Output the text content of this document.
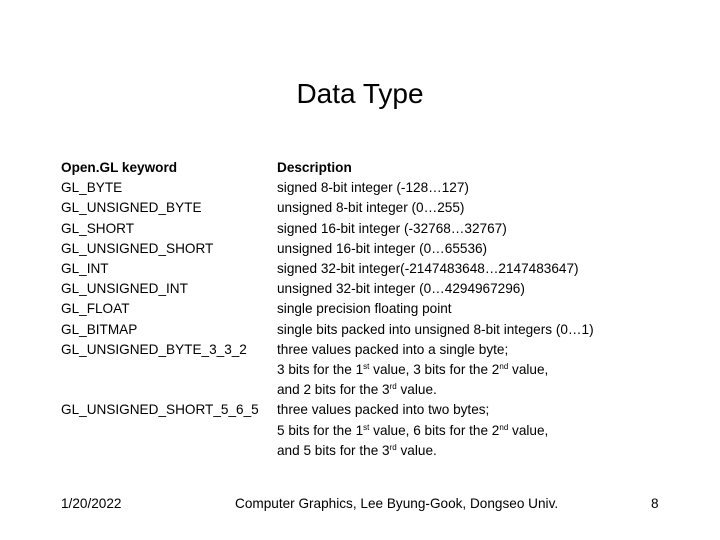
Data Type
Open.GL keyword	Description
GL_BYTE	signed 8-bit integer (-128…127)
GL_UNSIGNED_BYTE	unsigned 8-bit integer (0…255)
GL_SHORT	signed 16-bit integer (-32768…32767)
GL_UNSIGNED_SHORT	unsigned 16-bit integer (0…65536)
GL_INT	signed 32-bit integer(-2147483648…2147483647)
GL_UNSIGNED_INT	unsigned 32-bit integer (0…4294967296)
GL_FLOAT	single precision floating point
GL_BITMAP	single bits packed into unsigned 8-bit integers (0…1)
GL_UNSIGNED_BYTE_3_3_2	three values packed into a single byte;
3 bits for the 1st value, 3 bits for the 2nd value,
and 2 bits for the 3rd value.
GL_UNSIGNED_SHORT_5_6_5	three values packed into two bytes;
5 bits for the 1st value, 6 bits for the 2nd value,
and 5 bits for the 3rd value.
1/20/2022	Computer Graphics, Lee Byung-Gook, Dongseo Univ.	8
